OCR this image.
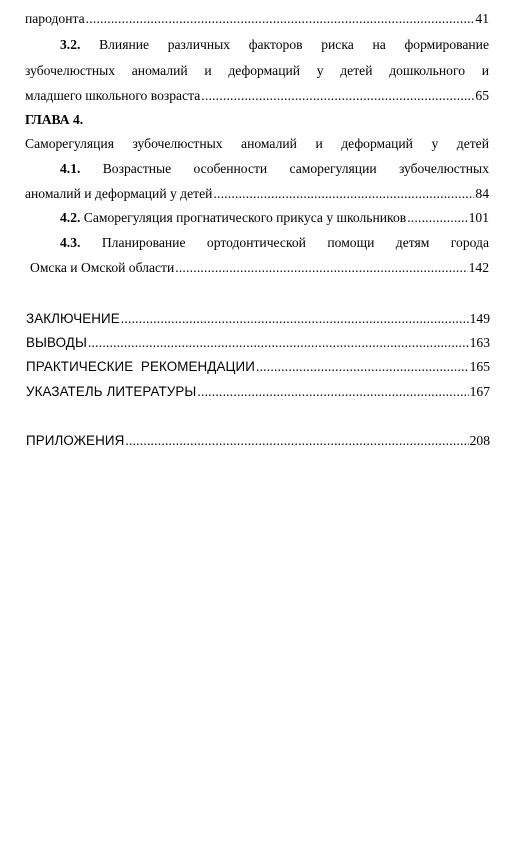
пародонта .....	41
3.2. Влияние различных факторов риска на формирование
зубочелюстных аномалий и деформаций у детей дошкольного и
младшего школьного возраста .....	65
ГЛАВА 4.
Саморегуляция зубочелюстных аномалий и деформаций у детей
4.1. Возрастные особенности саморегуляции зубочелюстных
аномалий и деформаций у детей .....	84
4.2. Саморегуляция прогнатического прикуса у школьников .....	101
4.3. Планирование ортодонтической помощи детям города
Омска и Омской области .....	142
ЗАКЛЮЧЕНИЕ .....	149
ВЫВОДЫ .....	163
ПРАКТИЧЕСКИЕ  РЕКОМЕНДАЦИИ .....	165
УКАЗАТЕЛЬ ЛИТЕРАТУРЫ .....	167
ПРИЛОЖЕНИЯ .....	208
